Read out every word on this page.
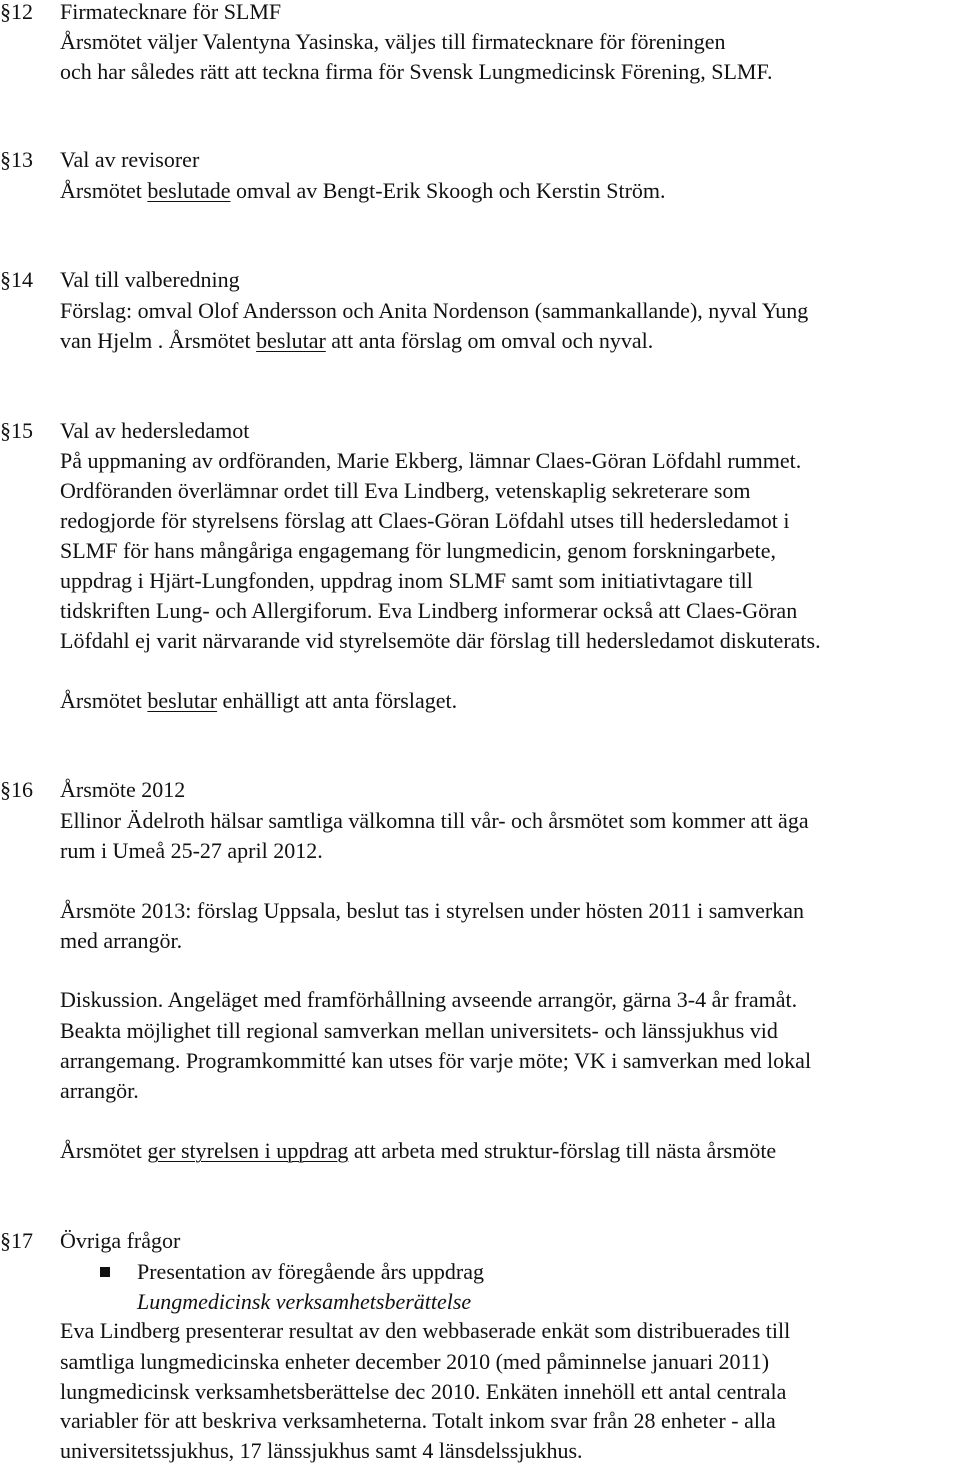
§12	Firmatecknare för SLMF
Årsmötet väljer Valentyna Yasinska, väljes till firmatecknare för föreningen
och har således rätt att teckna firma för Svensk Lungmedicinsk Förening, SLMF.
§13	Val av revisorer
Årsmötet beslutade omval av Bengt-Erik Skoogh och Kerstin Ström.
§14	Val till valberedning
Förslag: omval Olof Andersson och Anita Nordenson (sammankallande), nyval Yung
van Hjelm . Årsmötet beslutar att anta förslag om omval och nyval.
§15	Val av hedersledamot
På uppmaning av ordföranden, Marie Ekberg, lämnar Claes-Göran Löfdahl rummet.
Ordföranden överlämnar ordet till Eva Lindberg, vetenskaplig sekreterare som
redogjorde för styrelsens förslag att Claes-Göran Löfdahl utses till hedersledamot i
SLMF för hans mångåriga engagemang för lungmedicin, genom forskningarbete,
uppdrag i Hjärt-Lungfonden, uppdrag inom SLMF samt som initiativtagare till
tidskriften Lung- och Allergiforum. Eva Lindberg informerar också att Claes-Göran
Löfdahl ej varit närvarande vid styrelsemöte där förslag till hedersledamot diskuterats.
Årsmötet beslutar enhälligt att anta förslaget.
§16	Årsmöte 2012
Ellinor Ädelroth hälsar samtliga välkomna till vår- och årsmötet som kommer att äga
rum i Umeå 25-27 april 2012.
Årsmöte 2013: förslag Uppsala, beslut tas i styrelsen under hösten 2011 i samverkan
med arrangör.
Diskussion. Angeläget med framförhållning avseende arrangör, gärna 3-4 år framåt.
Beakta möjlighet till regional samverkan mellan universitets- och länssjukhus vid
arrangemang. Programkommitté kan utses för varje möte; VK i samverkan med lokal
arrangör.
Årsmötet ger styrelsen i uppdrag att arbeta med struktur-förslag till nästa årsmöte
§17	Övriga frågor
Presentation av föregående års uppdrag
Lungmedicinsk verksamhetsberättelse
Eva Lindberg presenterar resultat av den webbaserade enkät som distribuerades till
samtliga lungmedicinska enheter december 2010 (med påminnelse januari 2011)
lungmedicinsk verksamhetsberättelse dec 2010. Enkäten innehöll ett antal centrala
variabler för att beskriva verksamheterna. Totalt inkom svar från 28 enheter - alla
universitetssjukhus, 17 länssjukhus samt 4 länsdelssjukhus.
